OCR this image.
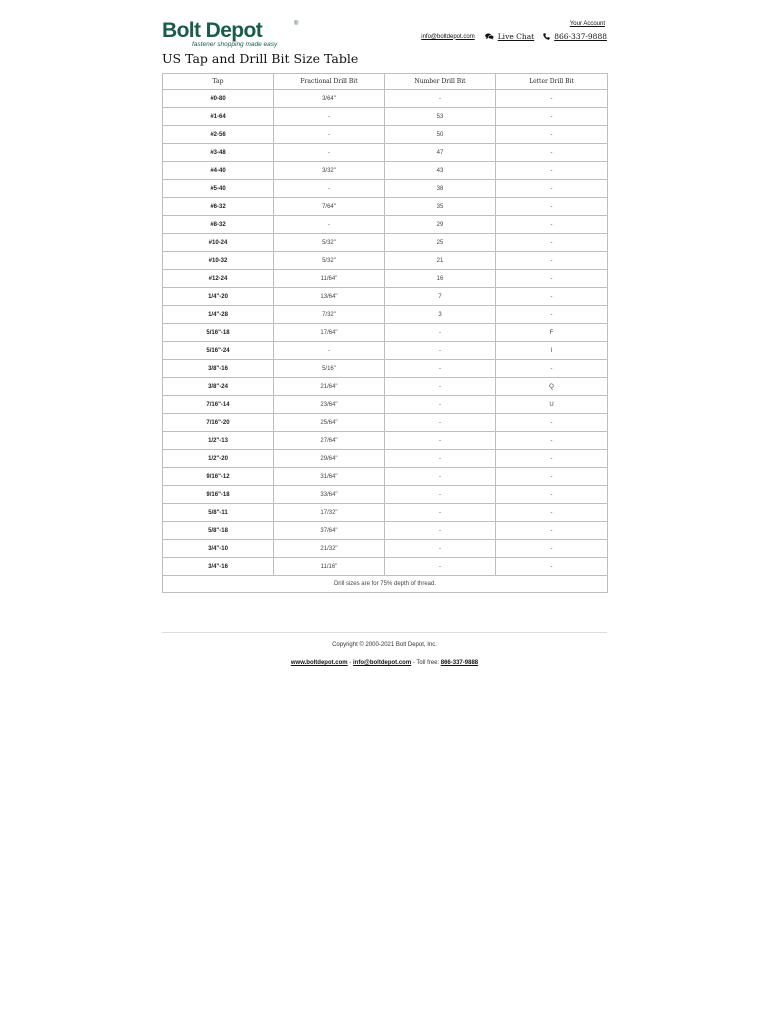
Bolt Depot	®
fastener shopping made easy
Your Account
info@boltdepot.com	Live Chat	866-337-9888
US Tap and Drill Bit Size Table
Tap	Fractional Drill Bit	Number Drill Bit	Letter Drill Bit
#0-80	3/64"	-	-
#1-64	-	53	-
#2-56	-	50	-
#3-48	-	47	-
#4-40	3/32"	43	-
#5-40	-	38	-
#6-32	7/64"	35	-
#8-32	-	29	-
#10-24	5/32"	25	-
#10-32	5/32"	21	-
#12-24	11/64"	16	-
1/4"-20	13/64"	7	-
1/4"-28	7/32"	3	-
5/16"-18	17/64"	-	F
5/16"-24	-	-	I
3/8"-16	5/16"	-	-
3/8"-24	21/64"	-	Q
7/16"-14	23/64"	-	U
7/16"-20	25/64"	-	-
1/2"-13	27/64"	-	-
1/2"-20	29/64"	-	-
9/16"-12	31/64"	-	-
9/16"-18	33/64"	-	-
5/8"-11	17/32"	-	-
5/8"-18	37/64"	-	-
3/4"-10	21/32"	-	-
3/4"-16	11/16"	-	-
Drill sizes are for 75% depth of thread.			
Copyright © 2000-2021 Bolt Depot, Inc.
www.boltdepot.com - info@boltdepot.com - Toll free: 866-337-9888
